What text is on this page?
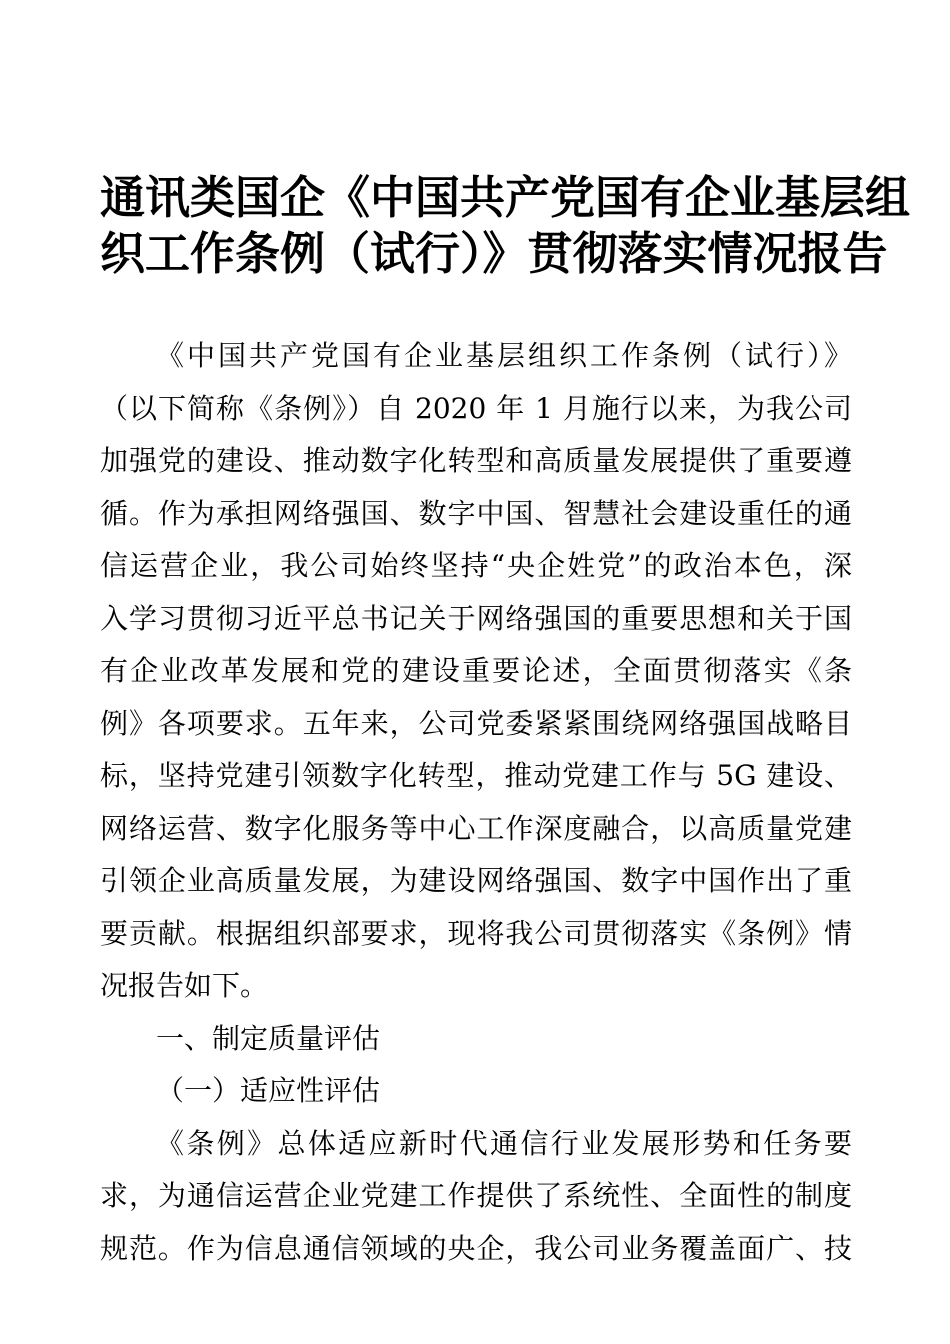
通讯类国企《中国共产党国有企业基层组
织工作条例（试行）》贯彻落实情况报告
《中国共产党国有企业基层组织工作条例（试行）》
（以下简称《条例》）自 2020 年 1 月施行以来，为我公司
加强党的建设、推动数字化转型和高质量发展提供了重要遵
循。作为承担网络强国、数字中国、智慧社会建设重任的通
信运营企业，我公司始终坚持“央企姓党”的政治本色，深
入学习贯彻习近平总书记关于网络强国的重要思想和关于国
有企业改革发展和党的建设重要论述，全面贯彻落实《条
例》各项要求。五年来，公司党委紧紧围绕网络强国战略目
标，坚持党建引领数字化转型，推动党建工作与 5G 建设、
网络运营、数字化服务等中心工作深度融合，以高质量党建
引领企业高质量发展，为建设网络强国、数字中国作出了重
要贡献。根据组织部要求，现将我公司贯彻落实《条例》情
况报告如下。
一、制定质量评估
（一）适应性评估
《条例》总体适应新时代通信行业发展形势和任务要
求，为通信运营企业党建工作提供了系统性、全面性的制度
规范。作为信息通信领域的央企，我公司业务覆盖面广、技
